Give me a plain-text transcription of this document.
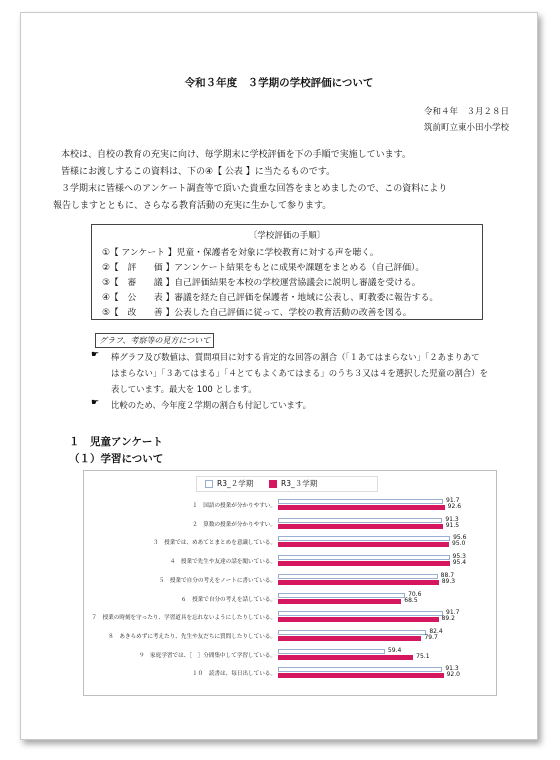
令和３年度　３学期の学校評価について
令和４年　３月２８日
筑前町立東小田小学校
本校は、自校の教育の充実に向け、毎学期末に学校評価を下の手順で実施しています。
皆様にお渡しするこの資料は、下の④【 公表 】に当たるものです。
３学期末に皆様へのアンケート調査等で頂いた貴重な回答をまとめましたので、この資料により
報告しますとともに、さらなる教育活動の充実に生かして参ります。
〔学校評価の手順〕
①【 アンケート 】児童・保護者を対象に学校教育に対する声を聴く。
②【　評　　価 】アンンケート結果をもとに成果や課題をまとめる（自己評価）。
③【　審　　議 】自己評価結果を本校の学校運営協議会に説明し審議を受ける。
④【　公　　表 】審議を経た自己評価を保護者・地域に公表し、町教委に報告する。
⑤【　改　　善 】公表した自己評価に従って、学校の教育活動の改善を図る。
グラフ、考察等の見方について
☛ 棒グラフ及び数値は、質問項目に対する肯定的な回答の割合（「１あてはまらない」「２あまりあて
はまらない」「３あてはまる」「４とてもよくあてはまる」のうち３又は４を選択した児童の割合）を
表しています。最大を 100 とします。
☛ 比較のため、今年度２学期の割合も付記しています。
１　児童アンケート
（１）学習について
R3_２学期	R3_３学期
１　国語の授業が分かりやすい。
91.7
92.6
２　算数の授業が分かりやすい。
91.3
91.5
３　授業では、めあてとまとめを意識している。
95.6
95.0
４　授業で先生や友達の話を聞いている。
95.3
95.4
５　授業で自分の考えをノートに書いている。
88.7
89.3
６　授業で自分の考えを話している。
70.6
68.5
７　授業の時刻を守ったり、学習道具を忘れないようにしたりしている。
91.7
89.2
８　あきらめずに考えたり、先生や友だちに質問したりしている。
82.4
79.7
９　家庭学習では、［　］分間集中して学習している。
59.4
75.1
１０　読書は、毎日出している。
91.3
92.0
